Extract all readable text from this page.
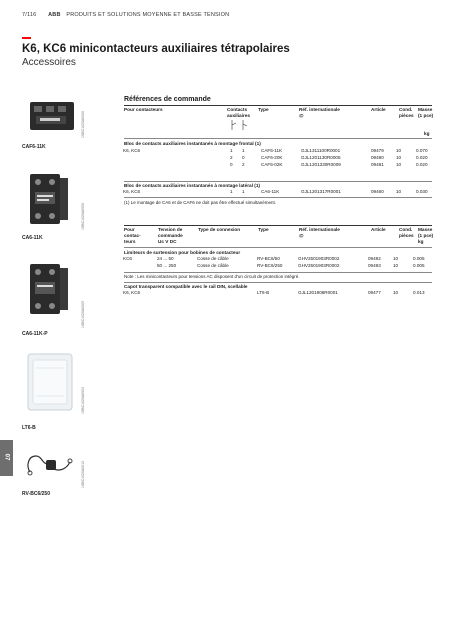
7/116 ABB PRODUITS ET SOLUTIONS MOYENNE ET BASSE TENSION
K6, KC6 minicontacteurs auxiliaires tétrapolaires
Accessoires
07
1SBC1020A0000
CAF6-11K
1SBC1020A0005
CA6-11K
1SBC1020A0009
CA6-11K-P
1SBC1020A0004
LT6-B
1SBC1020A0012
RV-BC6/250
Références de commande
Pour contacteurs	Contacts auxiliaires
Type	Réf. internationale @
Article	Cond. pièces
Masse (1 pce)
kg
Bloc de contacts auxiliaires instantanés à montage frontal (1)
K6, KC6	1	1	CAF6-11K	GJL1311100R0001	09479	10	0.070
	2	0	CAF6-20K	GJL1201130R0005	09480	10	0.020
	0	2	CAF6-02K	GJL1201330R0009	09481	10	0.020
Bloc de contacts auxiliaires instantanés à montage latéral (1)
K6, KC6	1	1	CA6-11K	GJL1201317R0001	09460	10	0.030
(1) Le montage de CA6 et de CAF6 ne doit pas être effectué simultanément.
Pour contac-teurs
Tension de commande Uc V DC
Type de connexion	Type	Réf. internationale @
Article	Cond. pièces
Masse (1 pce) kg
Limiteurs de surtension pour bobines de contacteur
KC6	24 ... 50	Cosse de câble	RV-BC6/50	GHV2501903R0002	09492	10	0.005
	50 ... 250	Cosse de câble	RV-BC6/250	GHV2501903R0002	09493	10	0.005
Note : Les minicontacteurs pour tensions AC disposent d'un circuit de protection intégré.
Capot transparent compatible avec le rail DIN, scellable
K6, KC6			LT6-B	GJL1201906R0001	09477	10	0.013
